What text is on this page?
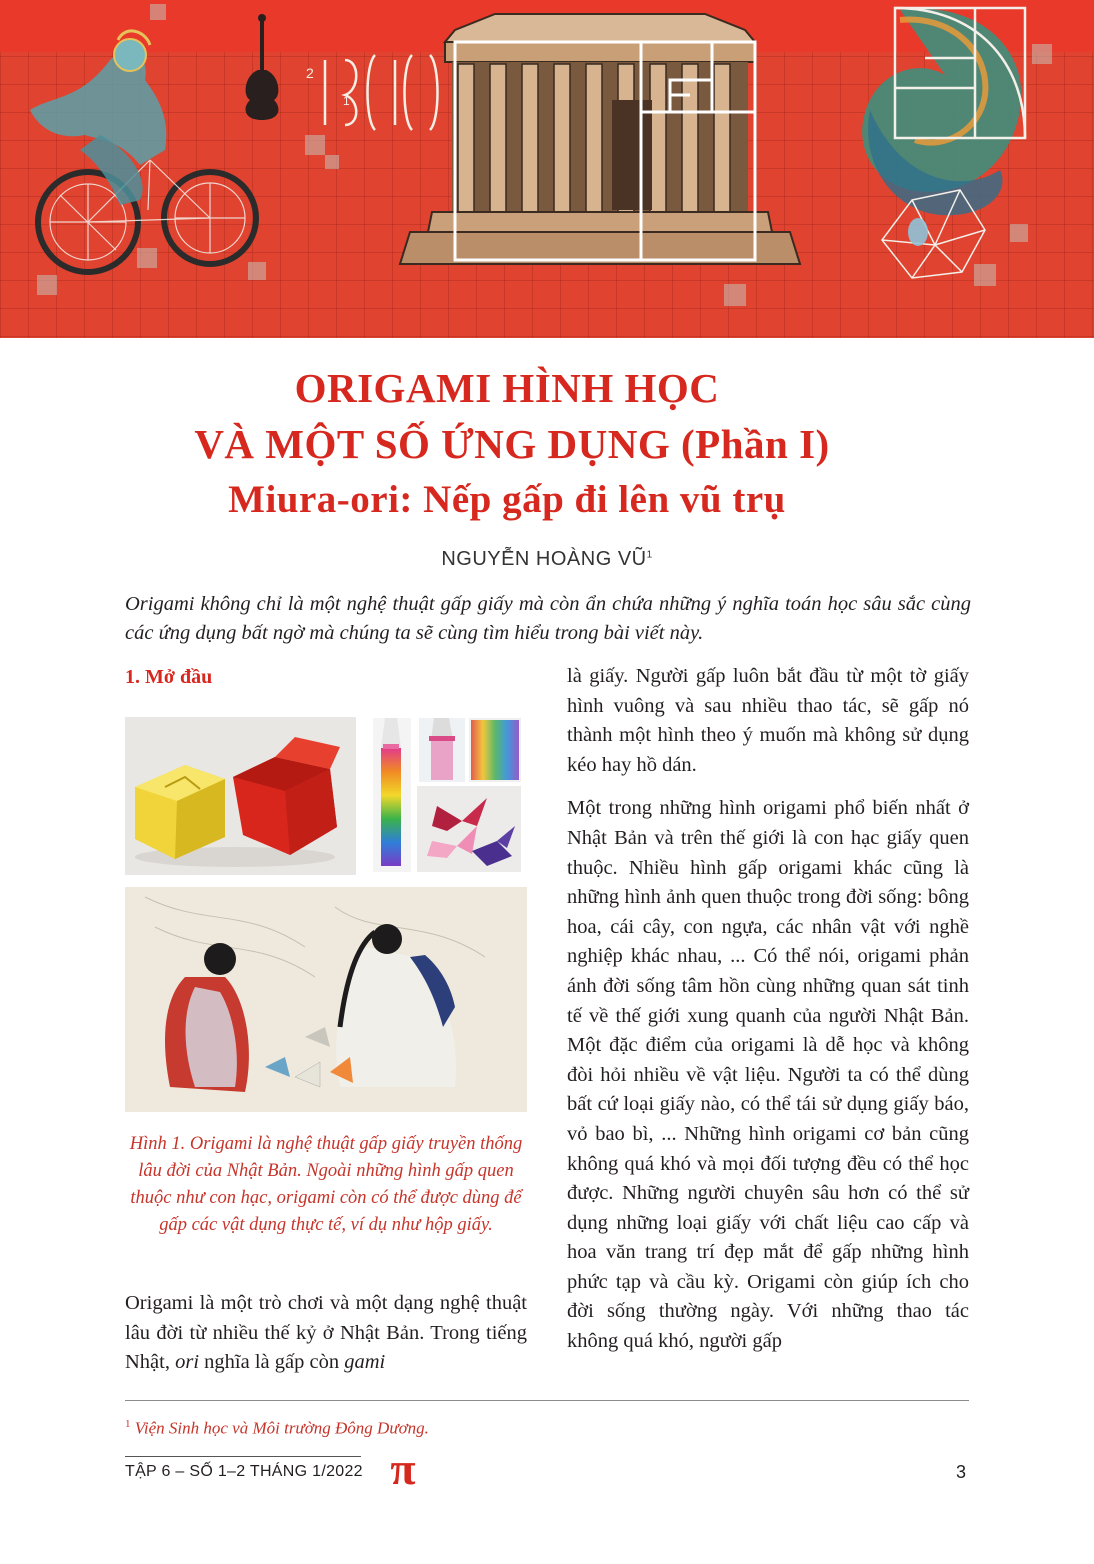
2
1
ORIGAMI HÌNH HỌC
VÀ MỘT SỐ ỨNG DỤNG (Phần I)
Miura-ori: Nếp gấp đi lên vũ trụ
NGUYỄN HOÀNG $VŨ^1$
Origami không chỉ là một nghệ thuật gấp giấy mà còn ẩn chứa những ý nghĩa toán học sâu sắc cùng các ứng dụng bất ngờ mà chúng ta sẽ cùng tìm hiểu trong bài viết này.

1. Mở đầu

Hình 1. Origami là nghệ thuật gấp giấy truyền thống lâu đời của Nhật Bản. Ngoài những hình gấp quen thuộc như con hạc, origami còn có thể được dùng để gấp các vật dụng thực tế, ví dụ như hộp giấy.

Origami là một trò chơi và một dạng nghệ thuật lâu đời từ nhiều thế kỷ ở Nhật Bản. Trong tiếng Nhật, ori nghĩa là gấp còn gami

là giấy. Người gấp luôn bắt đầu từ một tờ giấy hình vuông và sau nhiều thao tác, sẽ gấp nó thành một hình theo ý muốn mà không sử dụng kéo hay hồ dán.

Một trong những hình origami phổ biến nhất ở Nhật Bản và trên thế giới là con hạc giấy quen thuộc. Nhiều hình gấp origami khác cũng là những hình ảnh quen thuộc trong đời sống: bông hoa, cái cây, con ngựa, các nhân vật với nghề nghiệp khác nhau, ... Có thể nói, origami phản ánh đời sống tâm hồn cùng những quan sát tinh tế về thế giới xung quanh của người Nhật Bản. Một đặc điểm của origami là dễ học và không đòi hỏi nhiều về vật liệu. Người ta có thể dùng bất cứ loại giấy nào, có thể tái sử dụng giấy báo, vỏ bao bì, ... Những hình origami cơ bản cũng không quá khó và mọi đối tượng đều có thể học được. Những người chuyên sâu hơn có thể sử dụng những loại giấy với chất liệu cao cấp và hoa văn trang trí đẹp mắt để gấp những hình phức tạp và cầu kỳ. Origami còn giúp ích cho đời sống thường ngày. Với những thao tác không quá khó, người gấp

$^1$ Viện Sinh học và Môi trường Đông Dương.
TẬP 6 – SỐ 1–2 THÁNG 1/2022 π	3
